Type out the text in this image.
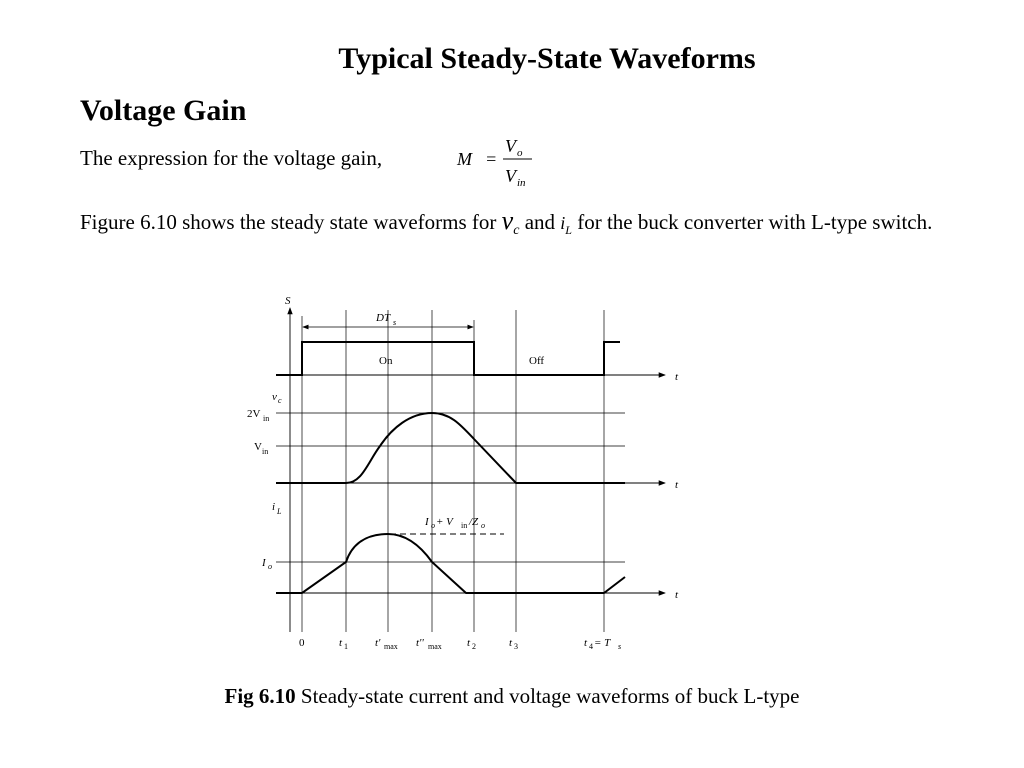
Typical Steady-State Waveforms
Voltage Gain
The expression for the voltage gain,	M =
V o
V in
Figure 6.10 shows the steady state waveforms for $v_c$ and $i_L$ for the buck converter with L-type switch.
S
DT s
t
On	Off
v c
t
2V in
V in
i L
t
I o
I o + V in /Z o
0	t 1 t' max t'' max t 2	t 3	t 4 = T s
Fig 6.10 Steady-state current and voltage waveforms of buck L-type
